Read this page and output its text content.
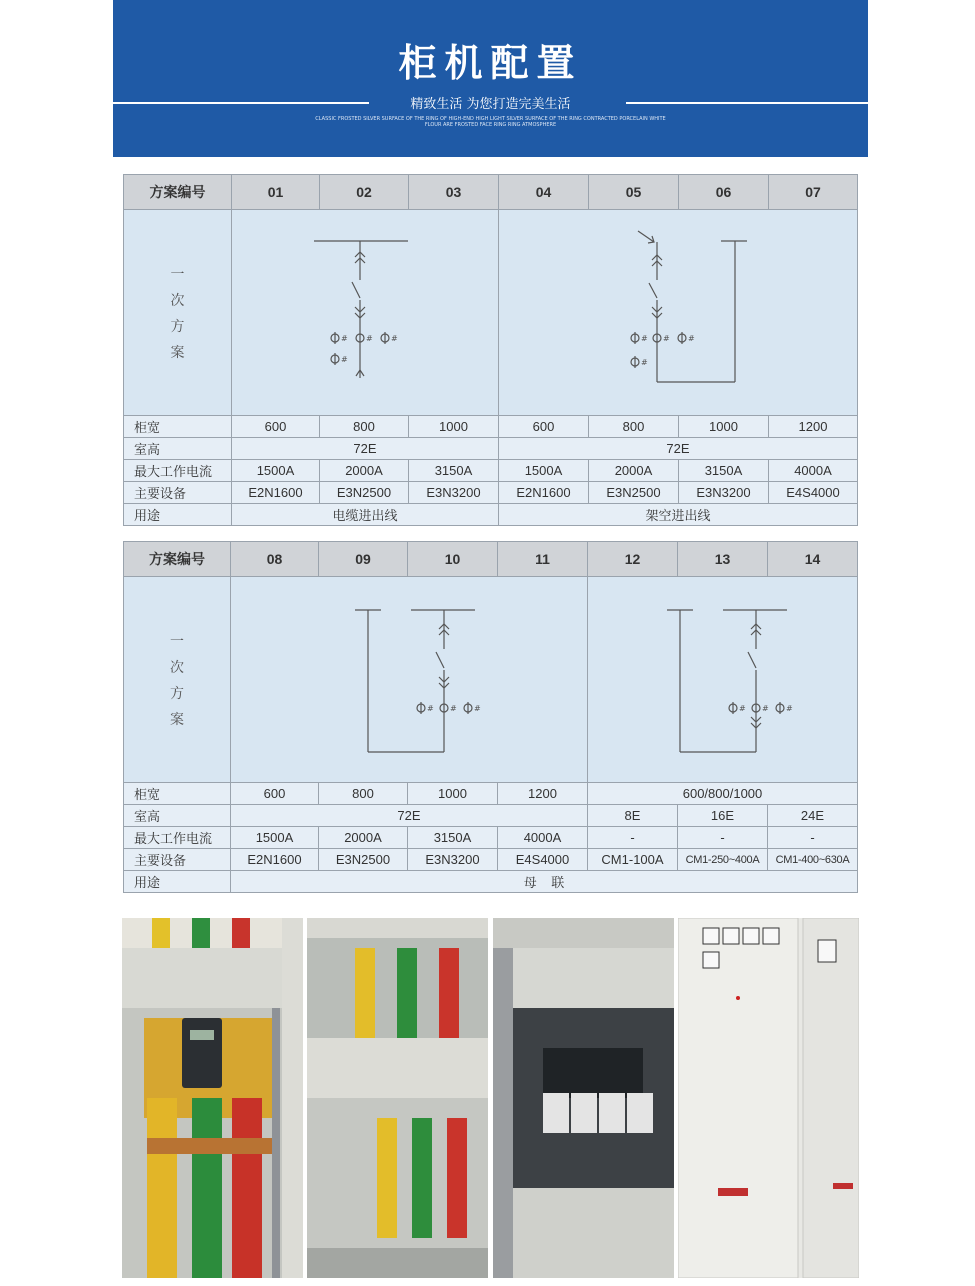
柜机配置
精致生活 为您打造完美生活
CLASSIC FROSTED SILVER SURFACE OF THE RING OF HIGH-END HIGH LIGHT SILVER SURFACE OF THE RING CONTRACTED PORCELAIN WHITE FLOUR ARE FROSTED FACE RING RING ATMOSPHERE
方案编号	01	02	03	04	05	06	07
一
次
方
案	# # #
#			# # #
#			

柜宽	600	800	1000	600	800	1000	1200
室高	72E			72E			
最大工作电流	1500A	2000A	3150A	1500A	2000A	3150A	4000A
主要设备	E2N1600	E3N2500	E3N3200	E2N1600	E3N2500	E3N3200	E4S4000
用途	电缆进出线			架空进出线			
方案编号	08	09	10	11	12	13	14
一
次
方
案	# # #				# # #		

柜宽	600	800	1000	1200	600/800/1000		
室高	72E				8E	16E	24E
最大工作电流	1500A	2000A	3150A	4000A	-	-	-
主要设备	E2N1600	E3N2500	E3N3200	E4S4000	CM1-100A	CM1-250~400A	CM1-400~630A
用途	母    联						
